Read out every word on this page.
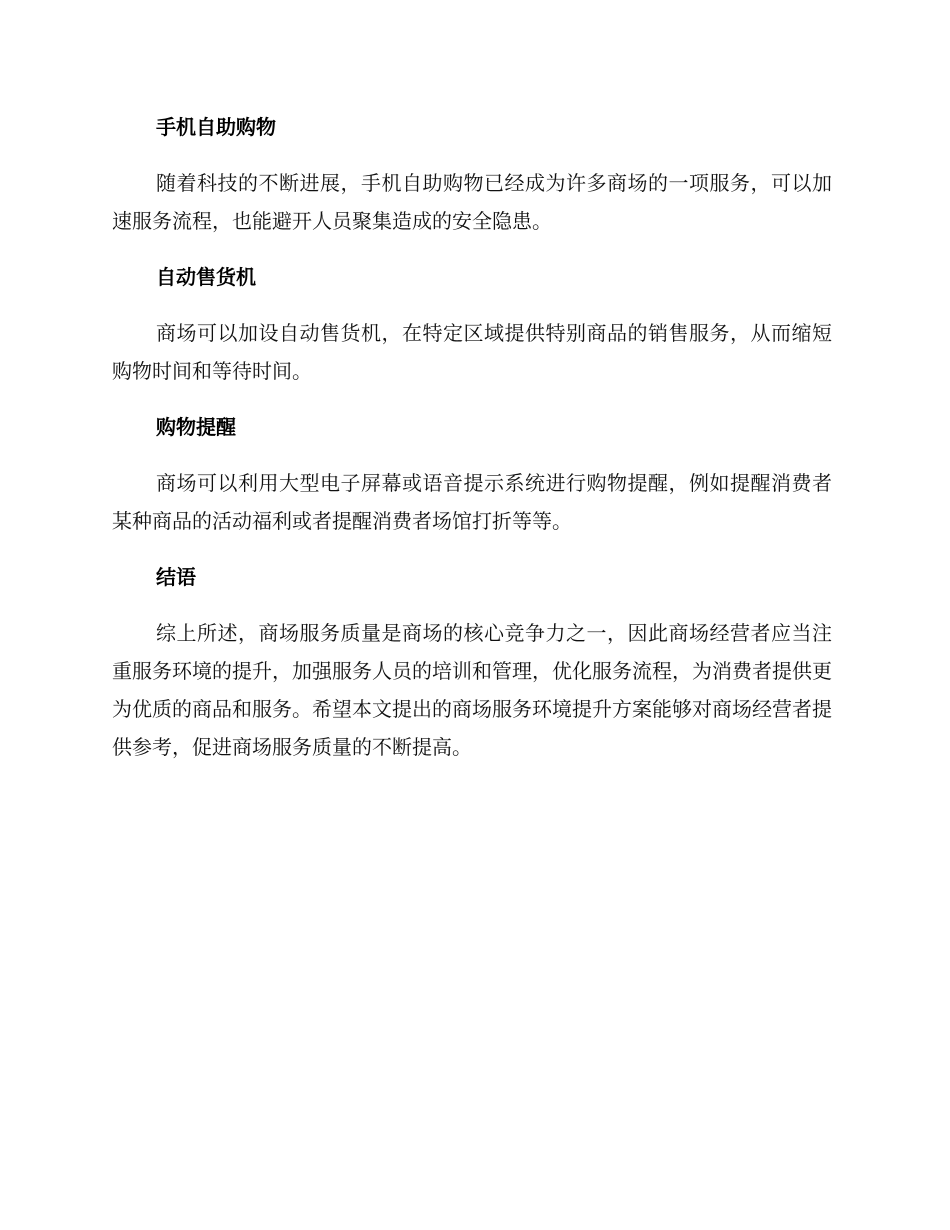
手机自助购物

随着科技的不断进展，手机自助购物已经成为许多商场的一项服务，可以加速服务流程，也能避开人员聚集造成的安全隐患。

自动售货机

商场可以加设自动售货机，在特定区域提供特别商品的销售服务，从而缩短购物时间和等待时间。

购物提醒

商场可以利用大型电子屏幕或语音提示系统进行购物提醒，例如提醒消费者某种商品的活动福利或者提醒消费者场馆打折等等。

结语

综上所述，商场服务质量是商场的核心竞争力之一，因此商场经营者应当注重服务环境的提升，加强服务人员的培训和管理，优化服务流程，为消费者提供更为优质的商品和服务。希望本文提出的商场服务环境提升方案能够对商场经营者提供参考，促进商场服务质量的不断提高。
